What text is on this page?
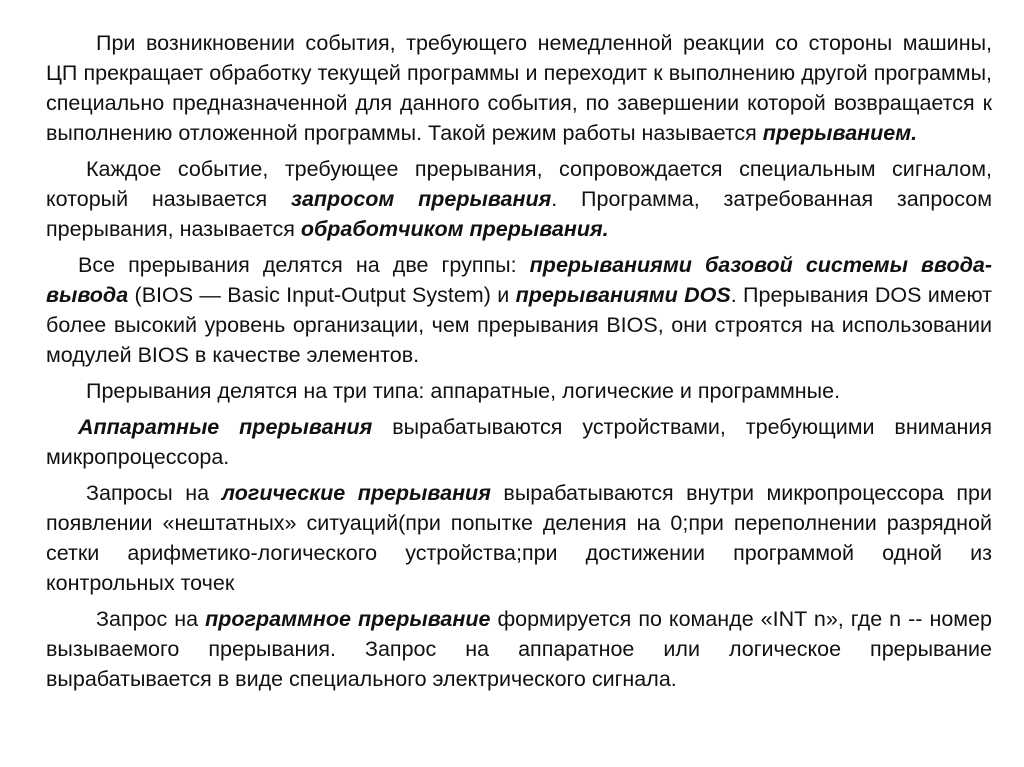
При возникновении события, требующего немедленной реакции со стороны машины, ЦП прекращает обработку текущей программы и переходит к выполнению другой программы, специально предназначенной для данного события, по завершении которой возвращается к выполнению отложенной программы. Такой режим работы называется прерыванием.

Каждое событие, требующее прерывания, сопровождается специальным сигналом, который называется запросом прерывания. Программа, затребованная запросом прерывания, называется обработчиком прерывания.

Все прерывания делятся на две группы: прерываниями базовой системы ввода-вывода (BIOS — Basic Input-Output System) и прерываниями DOS. Прерывания DOS имеют более высокий уровень организации, чем прерывания BIOS, они строятся на использовании модулей BIOS в качестве элементов.

Прерывания делятся на три типа: аппаратные, логические и программные.

Аппаратные прерывания вырабатываются устройствами, требующими внимания микропроцессора.

Запросы на логические прерывания вырабатываются внутри микропроцессора при появлении «нештатных» ситуаций(при попытке деления на 0;при переполнении разрядной сетки арифметико-логического устройства;при достижении программой одной из контрольных точек

Запрос на программное прерывание формируется по команде «INT n», где n -- номер вызываемого прерывания. Запрос на аппаратное или логическое прерывание вырабатывается в виде специального электрического сигнала.
